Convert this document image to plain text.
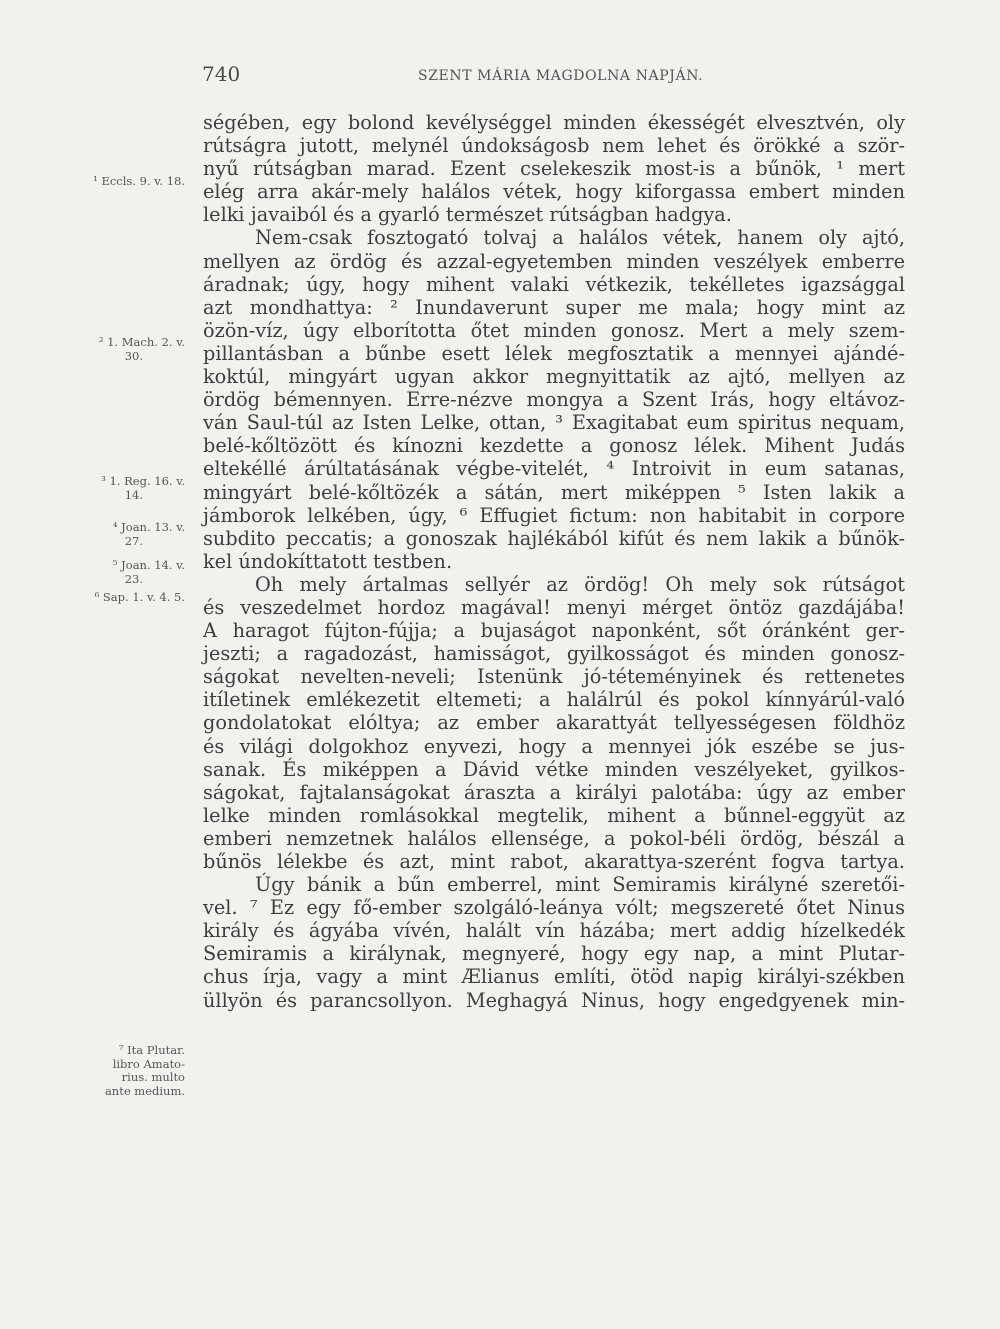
740	SZENT MÁRIA MAGDOLNA NAPJÁN.
¹ Eccls. 9. v. 18.
² 1. Mach. 2. v.
30.
³ 1. Reg. 16. v.
14.
⁴ Joan. 13. v.
27.
⁵ Joan. 14. v.
23.
⁶ Sap. 1. v. 4. 5.
⁷ Ita Plutar.
libro Amato-
rius. multo
ante medium.
ségében, egy bolond kevélységgel minden ékességét elvesztvén, oly
rútságra jutott, melynél úndokságosb nem lehet és örökké a ször-
nyű rútságban marad. Ezent cselekeszik most-is a bűnök, ¹ mert
elég arra akár-mely halálos vétek, hogy kiforgassa embert minden
lelki javaiból és a gyarló természet rútságban hadgya.
Nem-csak fosztogató tolvaj a halálos vétek, hanem oly ajtó,
mellyen az ördög és azzal-egyetemben minden veszélyek emberre
áradnak; úgy, hogy mihent valaki vétkezik, tekélletes igazsággal
azt mondhattya: ² Inundaverunt super me mala; hogy mint az
özön-víz, úgy elborította őtet minden gonosz. Mert a mely szem-
pillantásban a bűnbe esett lélek megfosztatik a mennyei ajándé-
koktúl, mingyárt ugyan akkor megnyittatik az ajtó, mellyen az
ördög bémennyen. Erre-nézve mongya a Szent Irás, hogy eltávoz-
ván Saul-túl az Isten Lelke, ottan, ³ Exagitabat eum spiritus nequam,
belé-kőltözött és kínozni kezdette a gonosz lélek. Mihent Judás
eltekéllé árúltatásának végbe-vitelét, ⁴ Introivit in eum satanas,
mingyárt belé-kőltözék a sátán, mert miképpen ⁵ Isten lakik a
jámborok lelkében, úgy, ⁶ Effugiet fictum: non habitabit in corpore
subdito peccatis; a gonoszak hajlékából kifút és nem lakik a bűnök-
kel úndokíttatott testben.
Oh mely ártalmas sellyér az ördög! Oh mely sok rútságot
és veszedelmet hordoz magával! menyi mérget öntöz gazdájába!
A haragot fújton-fújja; a bujaságot naponként, sőt óránként ger-
jeszti; a ragadozást, hamisságot, gyilkosságot és minden gonosz-
ságokat nevelten-neveli; Istenünk jó-téteményinek és rettenetes
itíletinek emlékezetit eltemeti; a halálrúl és pokol kínnyárúl-való
gondolatokat elóltya; az ember akarattyát tellyességesen földhöz
és világi dolgokhoz enyvezi, hogy a mennyei jók eszébe se jus-
sanak. És miképpen a Dávid vétke minden veszélyeket, gyilkos-
ságokat, fajtalanságokat áraszta a királyi palotába: úgy az ember
lelke minden romlásokkal megtelik, mihent a bűnnel-eggyüt az
emberi nemzetnek halálos ellensége, a pokol-béli ördög, bészál a
bűnös lélekbe és azt, mint rabot, akarattya-szerént fogva tartya.
Úgy bánik a bűn emberrel, mint Semiramis királyné szeretői-
vel. ⁷ Ez egy fő-ember szolgáló-leánya vólt; megszereté őtet Ninus
király és ágyába vívén, halált vín házába; mert addig hízelkedék
Semiramis a királynak, megnyeré, hogy egy nap, a mint Plutar-
chus írja, vagy a mint Ælianus említi, ötöd napig királyi-székben
üllyön és parancsollyon. Meghagyá Ninus, hogy engedgyenek min-
